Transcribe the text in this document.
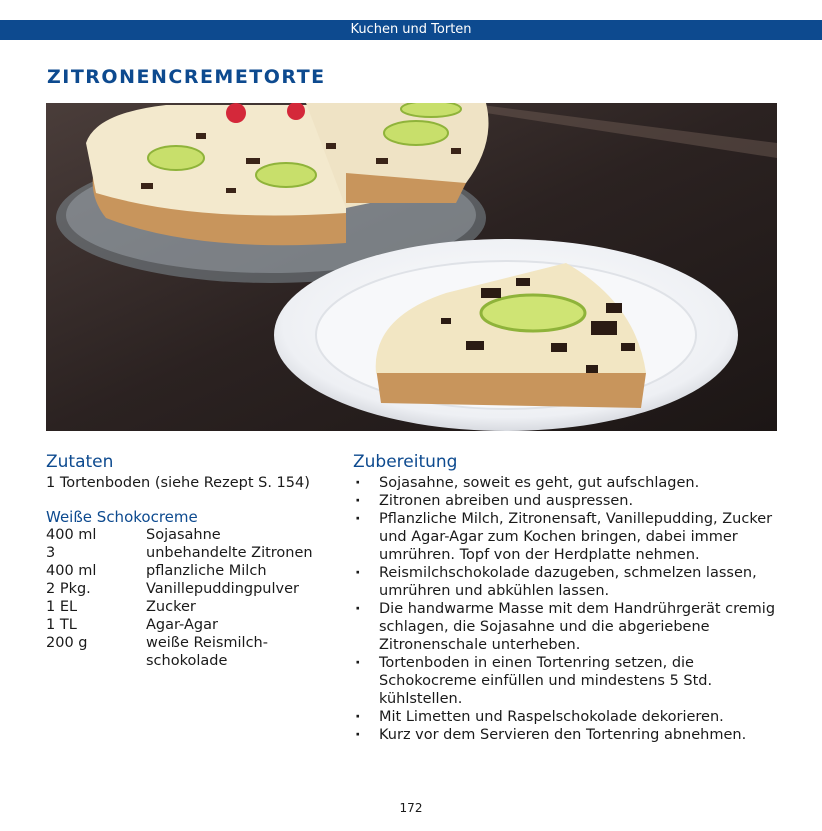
Kuchen und Torten
ZITRONENCREMETORTE
Zutaten
1 Tortenboden (siehe Rezept S. 154)
Weiße Schokocreme
400 ml	Sojasahne
3	unbehandelte Zitronen
400 ml	pflanzliche Milch
2 Pkg.	Vanillepuddingpulver
1 EL	Zucker
1 TL	Agar-Agar
200 g	weiße Reismilch-schokolade
Zubereitung
· Sojasahne, soweit es geht, gut aufschlagen.
· Zitronen abreiben und auspressen.
· Pflanzliche Milch, Zitronensaft, Vanillepudding, Zucker und Agar-Agar zum Kochen bringen, dabei immer umrühren. Topf von der Herdplatte nehmen.
· Reismilchschokolade dazugeben, schmelzen lassen, umrühren und abkühlen lassen.
· Die handwarme Masse mit dem Handrührgerät cremig schlagen, die Sojasahne und die abgeriebene Zitronenschale unterheben.
· Tortenboden in einen Tortenring setzen, die Schokocreme einfüllen und mindestens 5 Std. kühlstellen.
· Mit Limetten und Raspelschokolade dekorieren.
· Kurz vor dem Servieren den Tortenring abnehmen.
172
